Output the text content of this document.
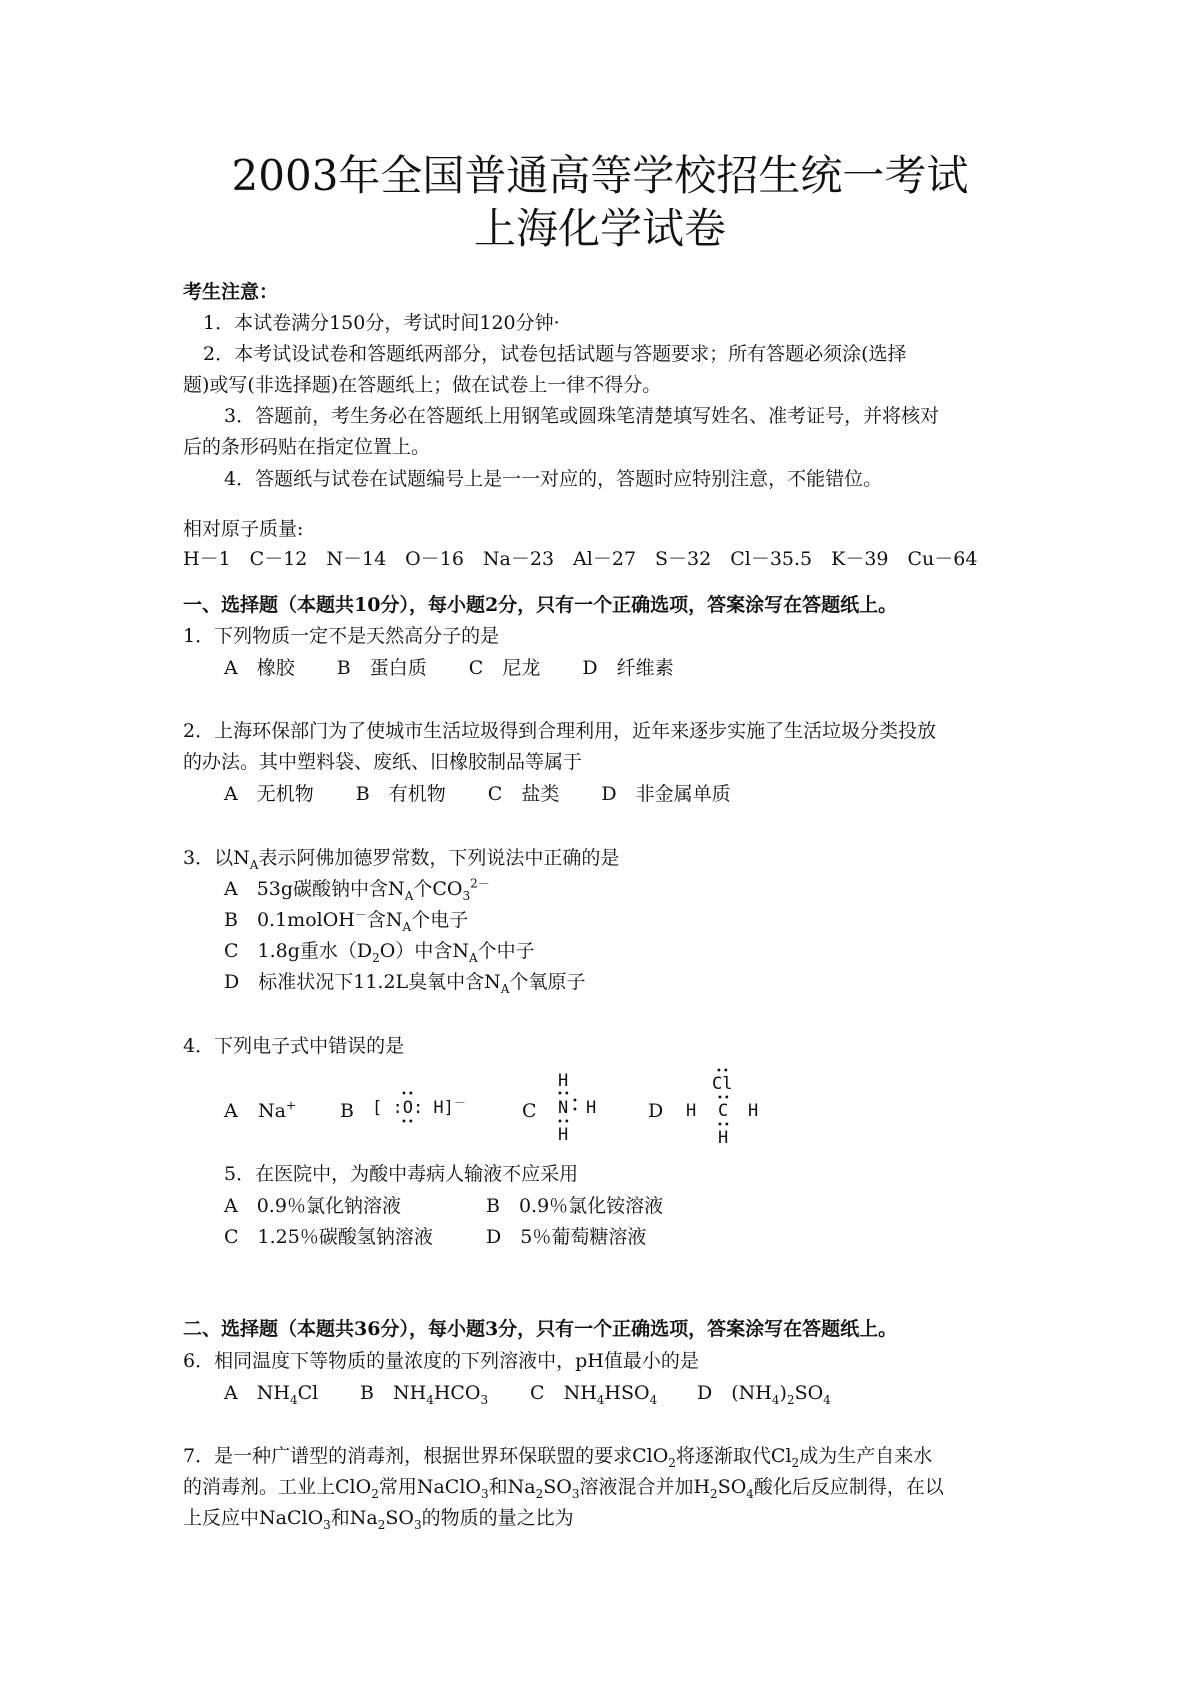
2003年全国普通高等学校招生统一考试
上海化学试卷
考生注意：
1．本试卷满分150分，考试时间120分钟·
2．本考试设试卷和答题纸两部分，试卷包括试题与答题要求；所有答题必须涂(选择
题)或写(非选择题)在答题纸上；做在试卷上一律不得分。
3．答题前，考生务必在答题纸上用钢笔或圆珠笔清楚填写姓名、准考证号，并将核对
后的条形码贴在指定位置上。
4．答题纸与试卷在试题编号上是一一对应的，答题时应特别注意，不能错位。
相对原子质量:
H－1　C－12　N－14　O－16　Na－23　Al－27　S－32　Cl－35.5　K－39　Cu－64
一、选择题（本题共10分），每小题2分，只有一个正确选项，答案涂写在答题纸上。
1．下列物质一定不是天然高分子的是
A　橡胶 B　蛋白质 C　尼龙 D　纤维素
2．上海环保部门为了使城市生活垃圾得到合理利用，近年来逐步实施了生活垃圾分类投放
的办法。其中塑料袋、废纸、旧橡胶制品等属于
A　无机物 B　有机物 C　盐类 D　非金属单质
3．以$N_A$表示阿佛加德罗常数，下列说法中正确的是
A　53g碳酸钠中含$N_A$个$CO_3^{2-}$
B　0.1molOH－含$N_A$个电子
C　1.8g重水$(D_2O)$中含$N_A$个中子
D　标准状况下11.2L臭氧中含$N_A$个氧原子
4．下列电子式中错误的是
A Na+ B [ :O: H]－
••
••
C
H
••
N •
• H
••
H
D
••
Cl
••
H C H
••
H
5．在医院中，为酸中毒病人输液不应采用
A　0.9％氯化钠溶液	B　0.9％氯化铵溶液
C　1.25％碳酸氢钠溶液	D　5％葡萄糖溶液
二、选择题（本题共36分），每小题3分，只有一个正确选项，答案涂写在答题纸上。
6．相同温度下等物质的量浓度的下列溶液中，pH值最小的是
A　 $NH_4Cl$ B　 $NH_4HCO_3$ C　 $NH_4HSO_4$ D　 $(NH_4)_2SO_4$
7．是一种广谱型的消毒剂，根据世界环保联盟的要求ClO$_2$将逐渐取代$Cl_2$成为生产自来水
的消毒剂。工业上ClO$_2$常用NaClO$_3$和$Na_2SO_3$溶液混合并加$H_2SO_4$酸化后反应制得，在以
上反应中NaClO$_3$和$Na_2SO_3$的物质的量之比为
